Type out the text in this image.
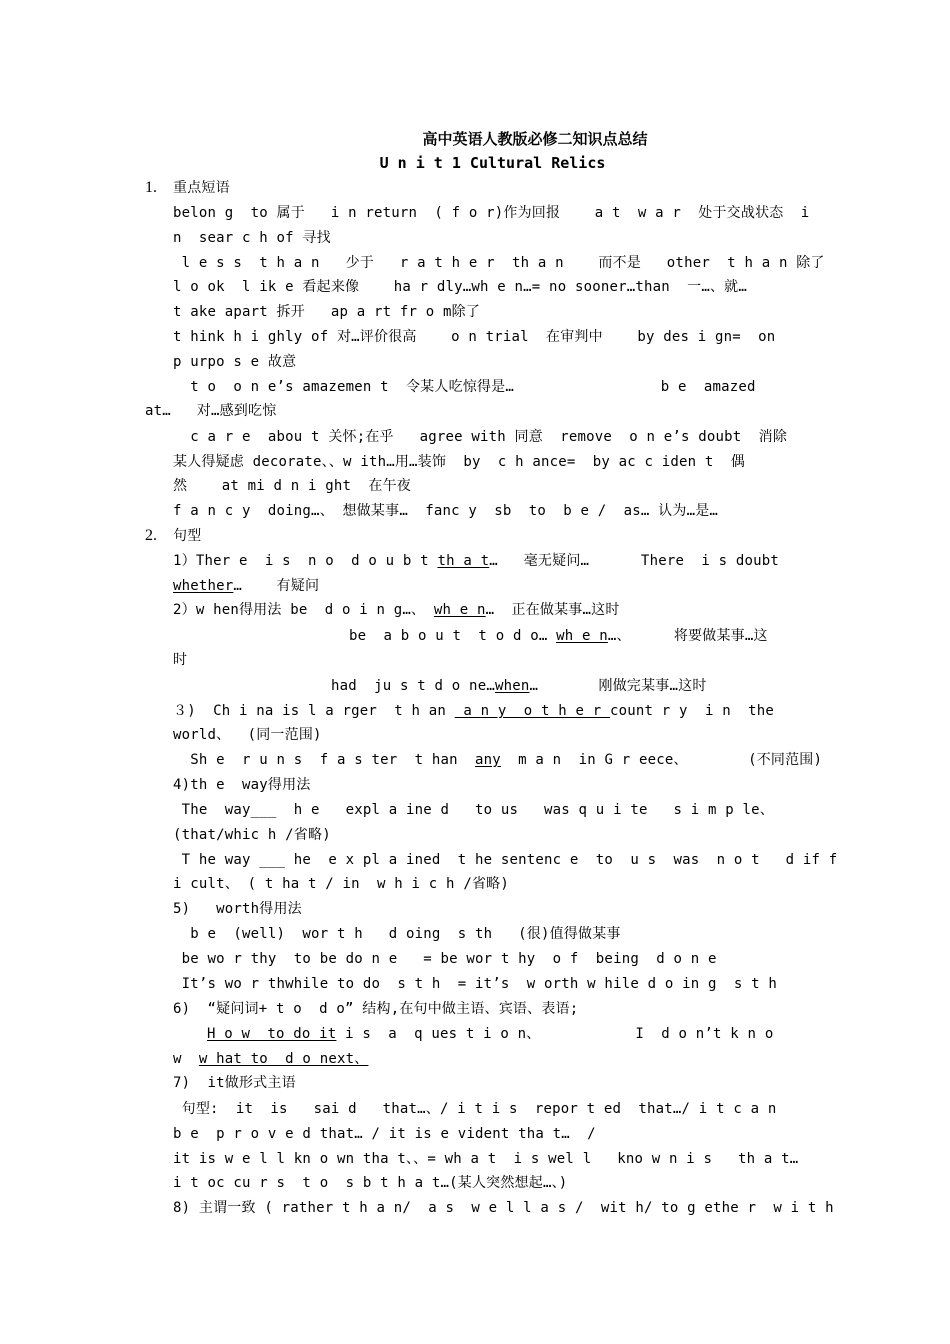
高中英语人教版必修二知识点总结
U n i t 1 Cultural Relics
1. 重点短语
belon g  to 属于   i n return  ( f o r)作为回报    a t  w a r  处于交战状态  i
n  sear c h of 寻找
l e s s  t h a n   少于   r a t h e r  th a n    而不是   other  t h a n 除了
l o ok  l ik e 看起来像    ha r dly…wh e n…= no sooner…than  一…、就…
t ake apart 拆开   ap a rt fr o m除了
t hink h i ghly of 对…评价很高    o n trial  在审判中    by des i gn=  on
p urpo s e 故意
t o  o n e’s amazemen t  令某人吃惊得是…                 b e  amazed
at…   对…感到吃惊
c a r e  abou t 关怀;在乎   agree with 同意  remove  o n e’s doubt  消除
某人得疑虑 decorate、、w ith…用…装饰  by  c h ance=  by ac c iden t  偶
然    at mi d n i ght  在午夜
f a n c y  doing…、 想做某事…  fanc y  sb  to  b e /  as… 认为…是…
2. 句型
1）Ther e  i s  n o  d o u b t th a t…   毫无疑问…      There  i s doubt
whether…    有疑问
2）w hen得用法 be  d o i n g…、 wh e n…  正在做某事…这时
be  a b o u t  t o d o… wh e n…、     将要做某事…这
时
had  ju s t d o ne…when…       刚做完某事…这时
３)  Ch i na is l a rger  t h an  a n y  o t h e r count r y  i n  the
world、  (同一范围)
Sh e  r u n s  f a s ter  t han  any  m a n  in G r eece、       (不同范围)
4)th e  way得用法
The  way___  h e   expl a ine d   to us   was q u i te   s i m p le、
(that/whic h /省略)
T he way ___ he  e x pl a ined  t he sentenc e  to  u s  was  n o t   d if f
i cult、 ( t ha t / in  w h i c h /省略)
5)   worth得用法
b e  (well)  wor t h   d oing  s th   (很)值得做某事
be wo r thy  to be do n e   = be wor t hy  o f  being  d o n e
It’s wo r thwhile to do  s t h  = it’s  w orth w hile d o in g  s t h
6)  “疑问词+ t o  d o” 结构,在句中做主语、宾语、表语;
H o w  to do it i s  a  q ues t i o n、           I  d o n’t k n o
w  w hat to  d o next、
7)  it做形式主语
句型:  it  is   sai d   that…、/ i t i s  repor t ed  that…/ i t c a n
b e  p r o v e d that… / it is e vident tha t…  /
it is w e l l kn o wn tha t、、= wh a t  i s wel l   kno w n i s   th a t…
i t oc cu r s  t o  s b t h a t…(某人突然想起…、)
8) 主谓一致 ( rather t h a n/  a s  w e l l a s /  wit h/ to g ethe r  w i t h
